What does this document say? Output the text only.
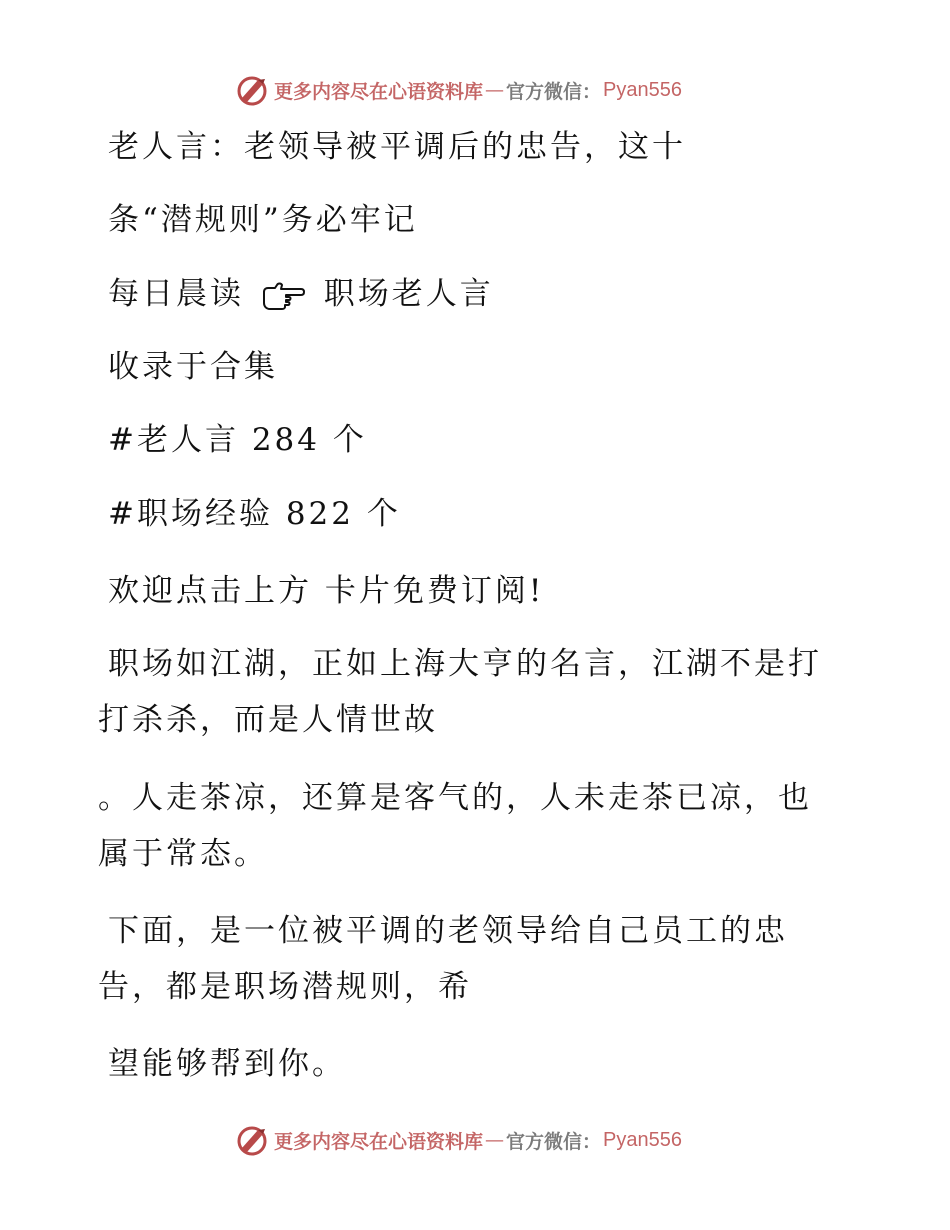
更多内容尽在心语资料库 — 官方微信： Pyan556
老人言：老领导被平调后的忠告，这十
条“潜规则”务必牢记
每日晨读	职场老人言
收录于合集
#老人言 284 个
#职场经验 822 个
欢迎点击上方 卡片免费订阅!
职场如江湖，正如上海大亨的名言，江湖不是打
打杀杀，而是人情世故
。人走茶凉，还算是客气的，人未走茶已凉，也
属于常态。
下面，是一位被平调的老领导给自己员工的忠
告，都是职场潜规则，希
望能够帮到你。
更多内容尽在心语资料库 — 官方微信： Pyan556
